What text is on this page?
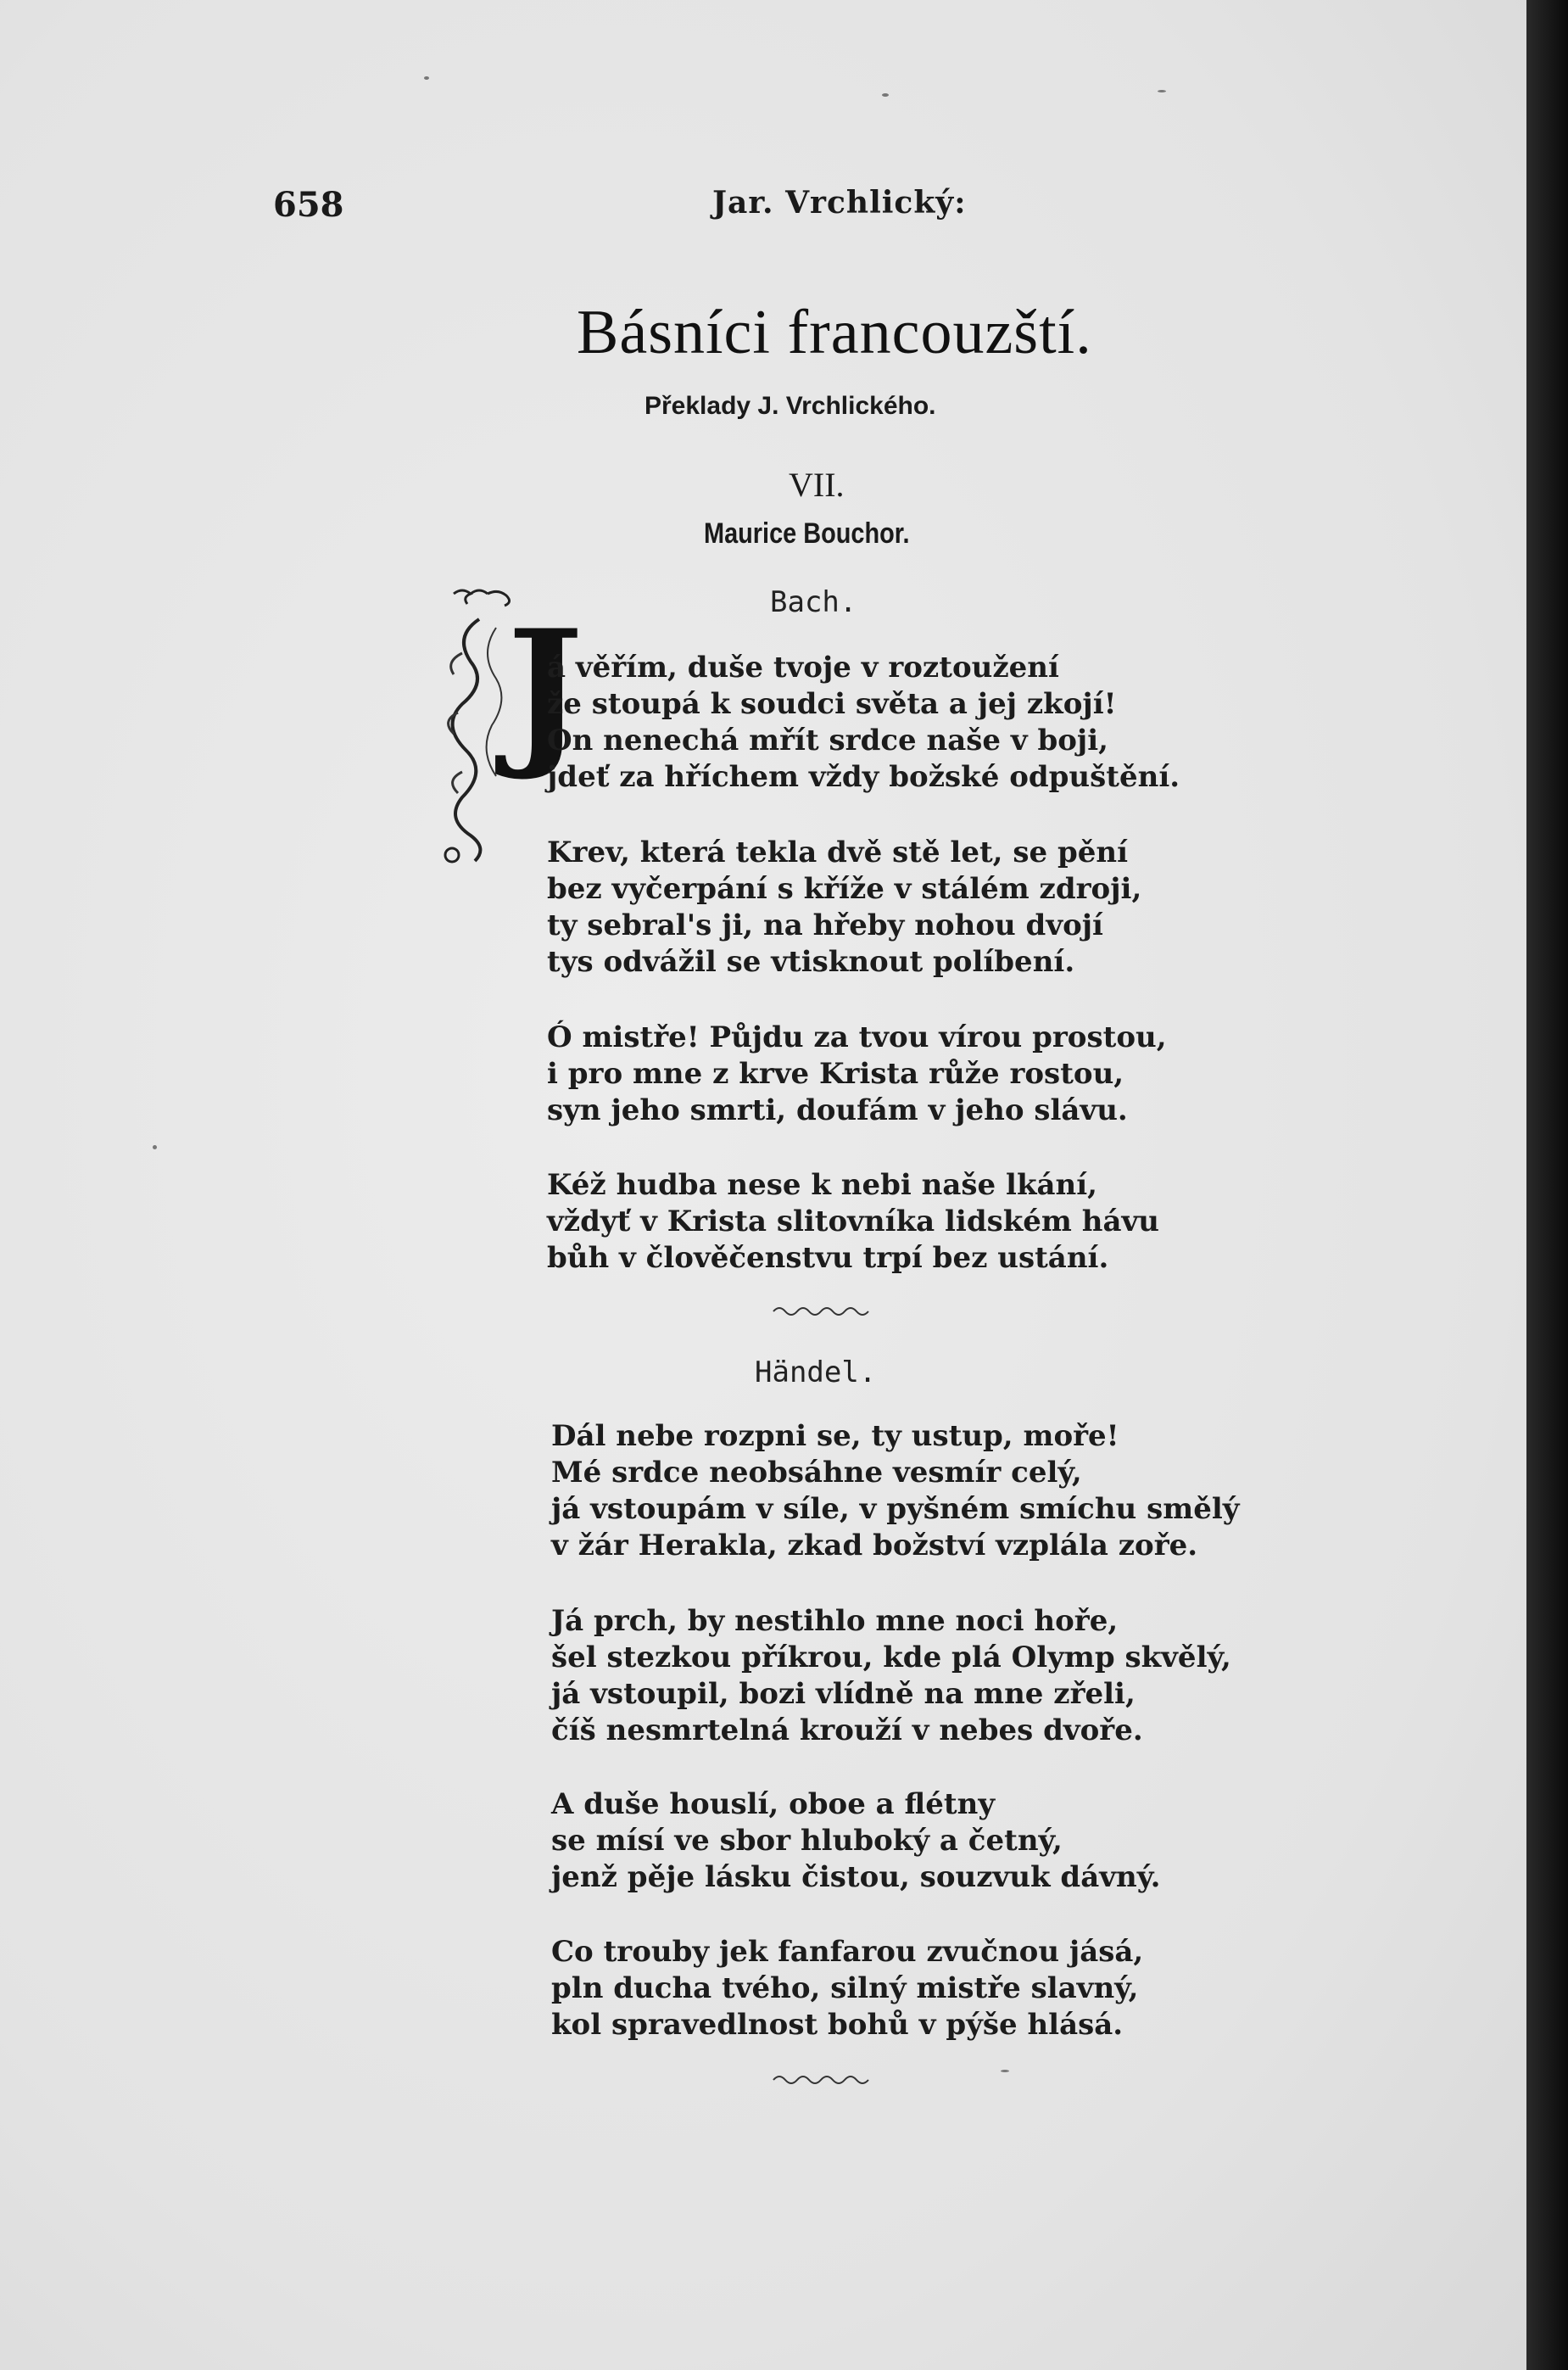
658	Jar. Vrchlický:
Básníci francouzští.
Překlady J. Vrchlického.
VII.
Maurice Bouchor.
Bach.
J
á věřím, duše tvoje v roztoužení
že stoupá k soudci světa a jej zkojí!
On nenechá mřít srdce naše v boji,
jdeť za hříchem vždy božské odpuštění.
Krev, která tekla dvě stě let, se pění
bez vyčerpání s kříže v stálém zdroji,
ty sebral's ji, na hřeby nohou dvojí
tys odvážil se vtisknout políbení.
Ó mistře! Půjdu za tvou vírou prostou,
i pro mne z krve Krista růže rostou,
syn jeho smrti, doufám v jeho slávu.
Kéž hudba nese k nebi naše lkání,
vždyť v Krista slitovníka lidském hávu
bůh v člověčenstvu trpí bez ustání.
Händel.
Dál nebe rozpni se, ty ustup, moře!
Mé srdce neobsáhne vesmír celý,
já vstoupám v síle, v pyšném smíchu smělý
v žár Herakla, zkad božství vzplála zoře.
Já prch, by nestihlo mne noci hoře,
šel stezkou příkrou, kde plá Olymp skvělý,
já vstoupil, bozi vlídně na mne zřeli,
číš nesmrtelná krouží v nebes dvoře.
A duše houslí, oboe a flétny
se mísí ve sbor hluboký a četný,
jenž pěje lásku čistou, souzvuk dávný.
Co trouby jek fanfarou zvučnou jásá,
pln ducha tvého, silný mistře slavný,
kol spravedlnost bohů v pýše hlásá.
